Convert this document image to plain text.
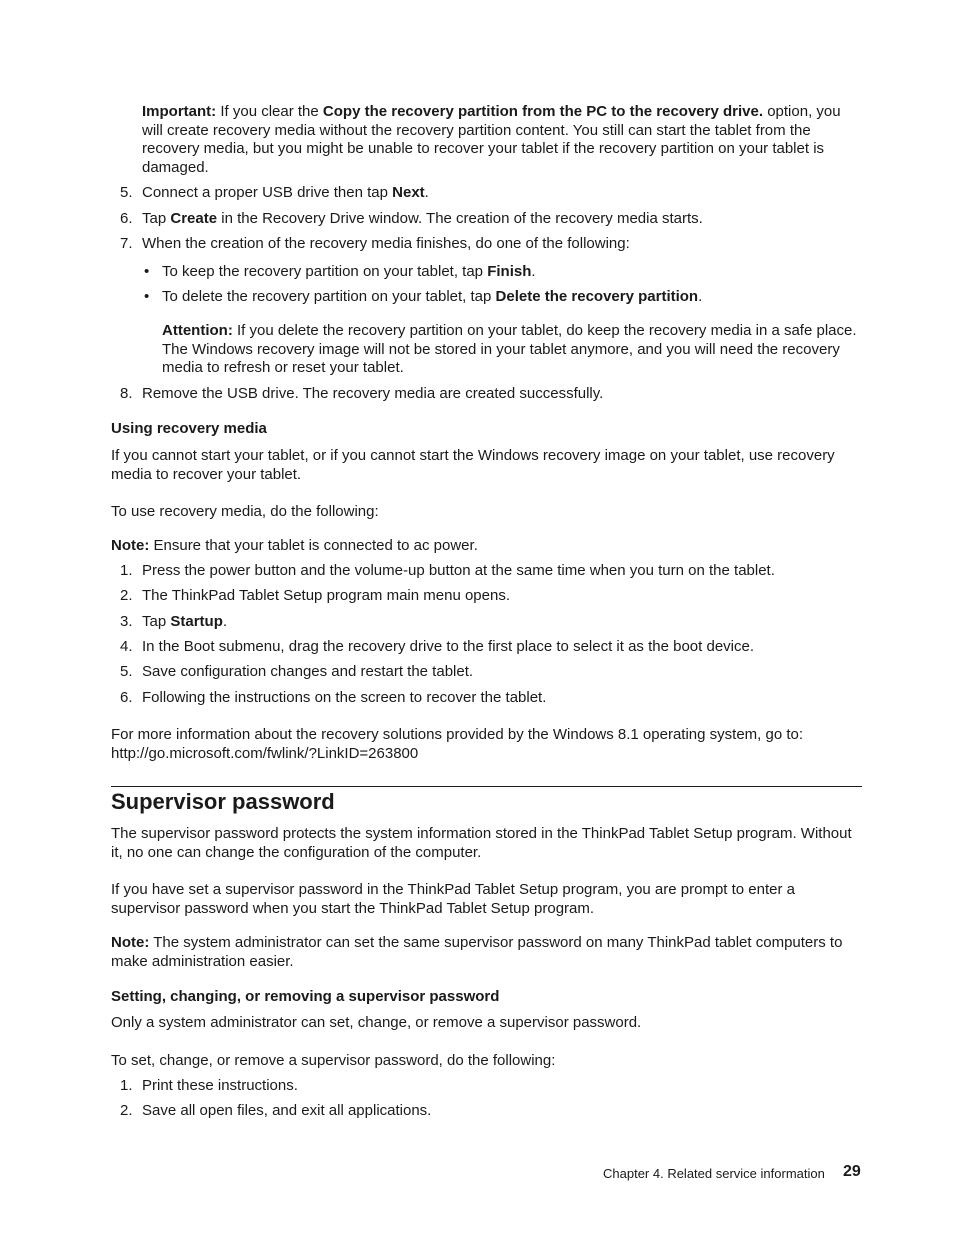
Important: If you clear the Copy the recovery partition from the PC to the recovery drive. option, you will create recovery media without the recovery partition content. You still can start the tablet from the recovery media, but you might be unable to recover your tablet if the recovery partition on your tablet is damaged.

5. Connect a proper USB drive then tap Next.

6. Tap Create in the Recovery Drive window. The creation of the recovery media starts.

7. When the creation of the recovery media finishes, do one of the following:

• To keep the recovery partition on your tablet, tap Finish.

• To delete the recovery partition on your tablet, tap Delete the recovery partition.

Attention: If you delete the recovery partition on your tablet, do keep the recovery media in a safe place. The Windows recovery image will not be stored in your tablet anymore, and you will need the recovery media to refresh or reset your tablet.

8. Remove the USB drive. The recovery media are created successfully.

Using recovery media

If you cannot start your tablet, or if you cannot start the Windows recovery image on your tablet, use recovery media to recover your tablet.

To use recovery media, do the following:

Note: Ensure that your tablet is connected to ac power.

1. Press the power button and the volume-up button at the same time when you turn on the tablet.

2. The ThinkPad Tablet Setup program main menu opens.

3. Tap Startup.

4. In the Boot submenu, drag the recovery drive to the first place to select it as the boot device.

5. Save configuration changes and restart the tablet.

6. Following the instructions on the screen to recover the tablet.

For more information about the recovery solutions provided by the Windows 8.1 operating system, go to:
http://go.microsoft.com/fwlink/?LinkID=263800

Supervisor password

The supervisor password protects the system information stored in the ThinkPad Tablet Setup program. Without it, no one can change the configuration of the computer.

If you have set a supervisor password in the ThinkPad Tablet Setup program, you are prompt to enter a supervisor password when you start the ThinkPad Tablet Setup program.

Note: The system administrator can set the same supervisor password on many ThinkPad tablet computers to make administration easier.

Setting, changing, or removing a supervisor password

Only a system administrator can set, change, or remove a supervisor password.

To set, change, or remove a supervisor password, do the following:

1. Print these instructions.

2. Save all open files, and exit all applications.

Chapter 4. Related service information 29
